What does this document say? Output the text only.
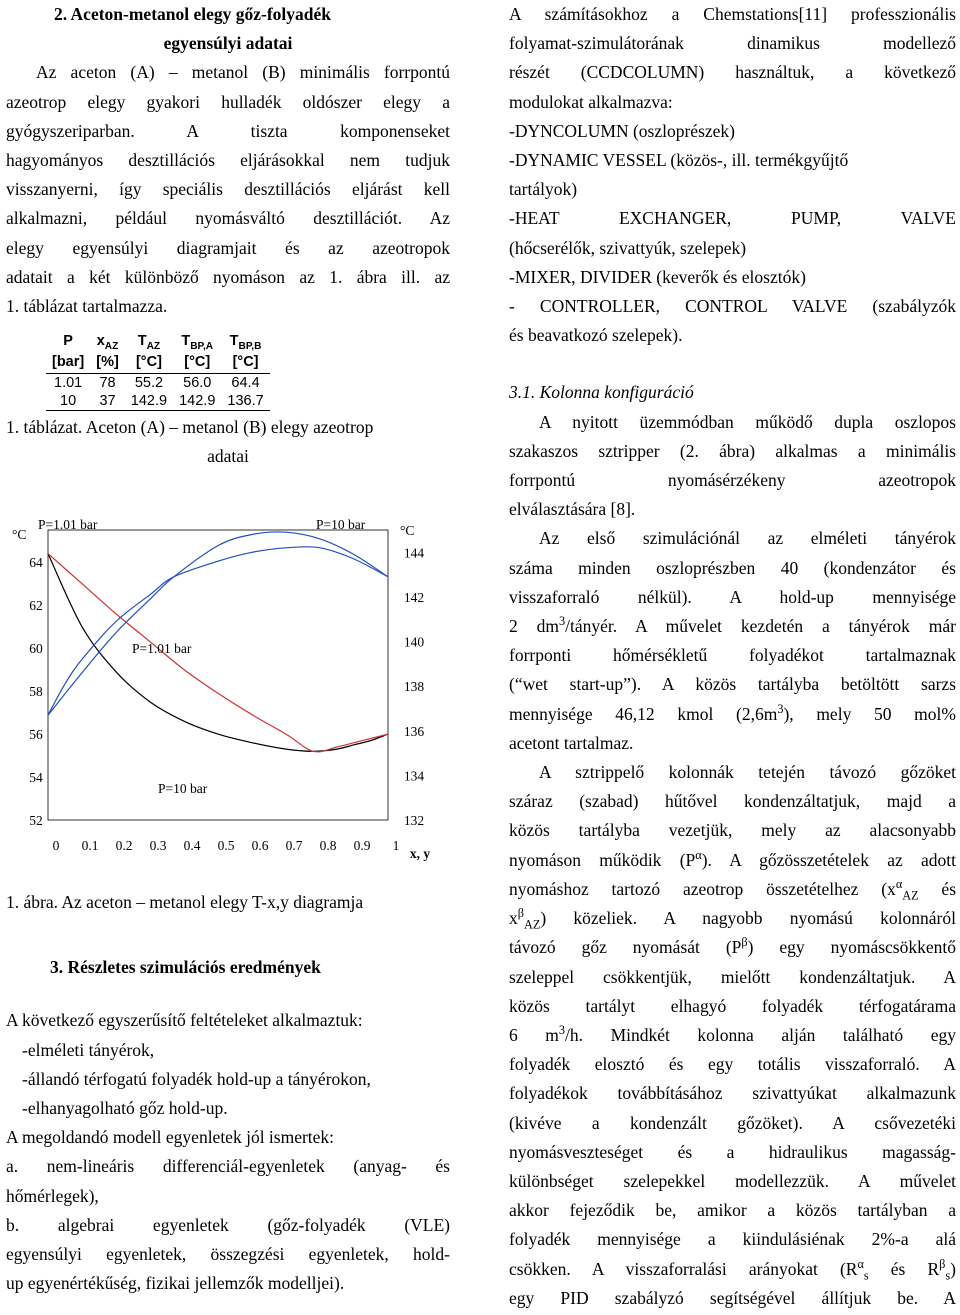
2. Aceton-metanol elegy gőz-folyadék
egyensúlyi adatai

Az aceton (A) – metanol (B) minimális forrpontú
azeotrop elegy gyakori hulladék oldószer elegy a
gyógyszeriparban. A tiszta komponenseket
hagyományos desztillációs eljárásokkal nem tudjuk
visszanyerni, így speciális desztillációs eljárást kell
alkalmazni, például nyomásváltó desztillációt. Az
elegy egyensúlyi diagramjait és az azeotropok
adatait a két különböző nyomáson az 1. ábra ill. az
1. táblázat tartalmazza.
P	$x_{AZ}$	$T_{AZ}$	$T_{BP,A}$	$T_{BP,B}$
[bar]	[%]	[°C]	[°C]	[°C]
1.01	78	55.2	56.0	64.4
10	37	142.9	142.9	136.7
1. táblázat. Aceton (A) – metanol (B) elegy azeotrop
adatai
52
54
56
58
60
62
64
°C
132
134
136
138
140
142
144
°C
0 0.1 0.2 0.3 0.4 0.5 0.6 0.7 0.8 0.9 1
x, y
P=1.01 bar	P=10 bar
P=1.01 bar
P=10 bar
1. ábra. Az aceton – metanol elegy T-x,y diagramja
3. Részletes szimulációs eredmények
A következő egyszerűsítő feltételeket alkalmaztuk:
-elméleti tányérok,
-állandó térfogatú folyadék hold-up a tányérokon,
-elhanyagolható gőz hold-up.
A megoldandó modell egyenletek jól ismertek:
a. nem-lineáris differenciál-egyenletek (anyag- és
hőmérlegek),
b. algebrai egyenletek (gőz-folyadék (VLE)
egyensúlyi egyenletek, összegzési egyenletek, hold-
up egyenértékűség, fizikai jellemzők modelljei).
A számításokhoz a Chemstations[11] professzionális
folyamat-szimulátorának dinamikus modellező
részét (CCDCOLUMN) használtuk, a következő
modulokat alkalmazva:
-DYNCOLUMN (oszloprészek)
-DYNAMIC VESSEL (közös-, ill. termékgyűjtő
tartályok)
-HEAT EXCHANGER, PUMP, VALVE
(hőcserélők, szivattyúk, szelepek)
-MIXER, DIVIDER (keverők és elosztók)
- CONTROLLER, CONTROL VALVE (szabályzók
és beavatkozó szelepek).
3.1. Kolonna konfiguráció
A nyitott üzemmódban működő dupla oszlopos
szakaszos sztripper (2. ábra) alkalmas a minimális
forrpontú nyomásérzékeny azeotropok
elválasztására [8].
Az első szimulációnál az elméleti tányérok
száma minden oszloprészben 40 (kondenzátor és
visszaforraló nélkül). A hold-up mennyisége
2 $dm^3$/tányér. A művelet kezdetén a tányérok már
forrponti hőmérsékletű folyadékot tartalmaznak
(“wet start-up”). A közös tartályba betöltött sarzs
mennyisége 46,12 kmol $(2,6m^3)$, mely 50 mol%
acetont tartalmaz.
A sztrippelő kolonnák tetején távozó gőzöket
száraz (szabad) hűtővel kondenzáltatjuk, majd a
közös tartályba vezetjük, mely az alacsonyabb
nyomáson működik $(P^\alpha)$. A gőzösszetételek az adott
nyomáshoz tartozó azeotrop összetételhez ($x^\alpha_{AZ}$ és
$x^\beta_{AZ}$) közeliek. A nagyobb nyomású kolonnáról
távozó gőz nyomását $(P^\beta)$ egy nyomáscsökkentő
szeleppel csökkentjük, mielőtt kondenzáltatjuk. A
közös tartályt elhagyó folyadék térfogatárama
6 $m^3/h$. Mindkét kolonna alján található egy
folyadék elosztó és egy totális visszaforraló. A
folyadékok továbbításához szivattyúkat alkalmazunk
(kivéve a kondenzált gőzöket). A csővezetéki
nyomásveszteséget és a hidraulikus magasság-
különbséget szelepekkel modellezzük. A művelet
akkor fejeződik be, amikor a közös tartályban a
folyadék mennyisége a kiindulásiénak 2%-a alá
csökken. A visszaforralási arányokat ($R^\alpha_s$ és $R^\beta_s$)
egy PID szabályzó segítségével állítjuk be. A
